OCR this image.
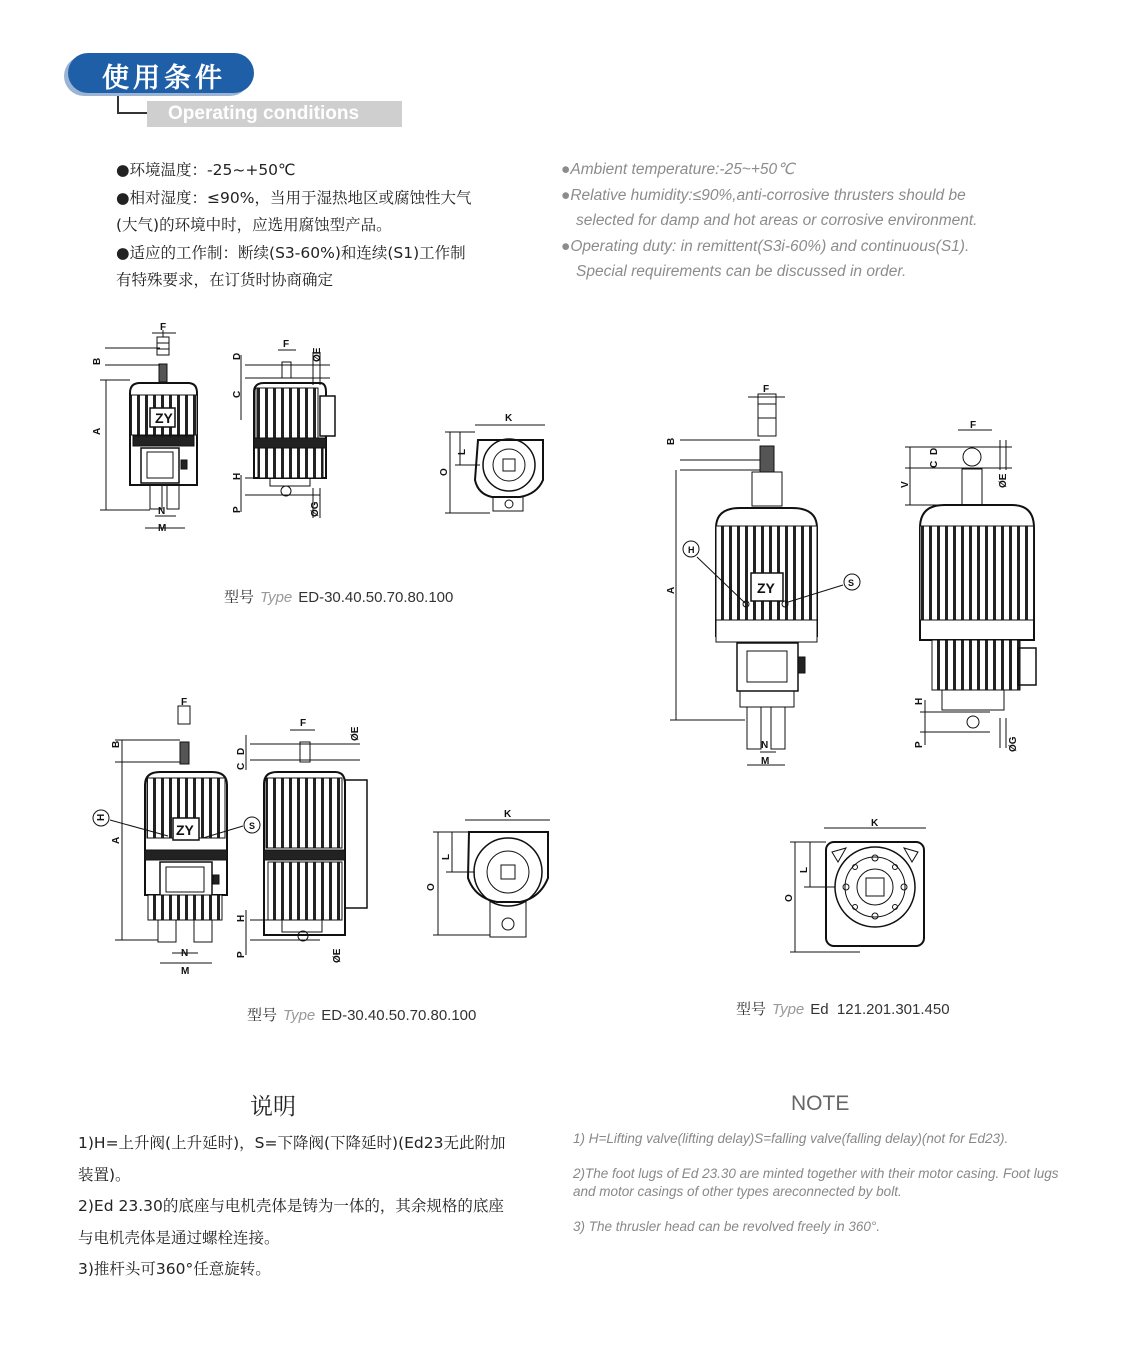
使用条件
Operating conditions
●环境温度：-25~+50℃
●相对湿度：≤90%，当用于湿热地区或腐蚀性大气
(大气)的环境中时，应选用腐蚀型产品。
●适应的工作制：断续(S3-60%)和连续(S1)工作制
有特殊要求，在订货时协商确定
●Ambient temperature:-25~+50℃
●Relative humidity:≤90%,anti-corrosive thrusters should be
selected for damp and hot areas or corrosive environment.
●Operating duty: in remittent(S3i-60%) and continuous(S1).
Special requirements can be discussed in order.
F
B
A
ZY
N
M
F
D
C
ØE
H
P	ØG
K
L
O
F
B
A
H
ZY	S
N
M
F
D
C
ØE
H
P	ØE
K
L
O
F
B
A
H
ZY	S
N
M
F
D
C
ØE
V
H
P	ØG
K
L
O
型号 Type ED-30.40.50.70.80.100
型号 Type ED-30.40.50.70.80.100	型号 Type Ed  121.201.301.450
说明	NOTE
1)H=上升阀(上升延时)，S=下降阀(下降延时)(Ed23无此附加
装置)。
2)Ed 23.30的底座与电机壳体是铸为一体的，其余规格的底座
与电机壳体是通过螺栓连接。
3)推杆头可360°任意旋转。

1) H=Lifting valve(lifting delay)S=falling valve(falling delay)(not for Ed23).

2)The foot lugs of Ed 23.30 are minted together with their motor casing. Foot lugs and motor casings of other types areconnected by bolt.

3) The thrusler head can be revolved freely in 360°.
